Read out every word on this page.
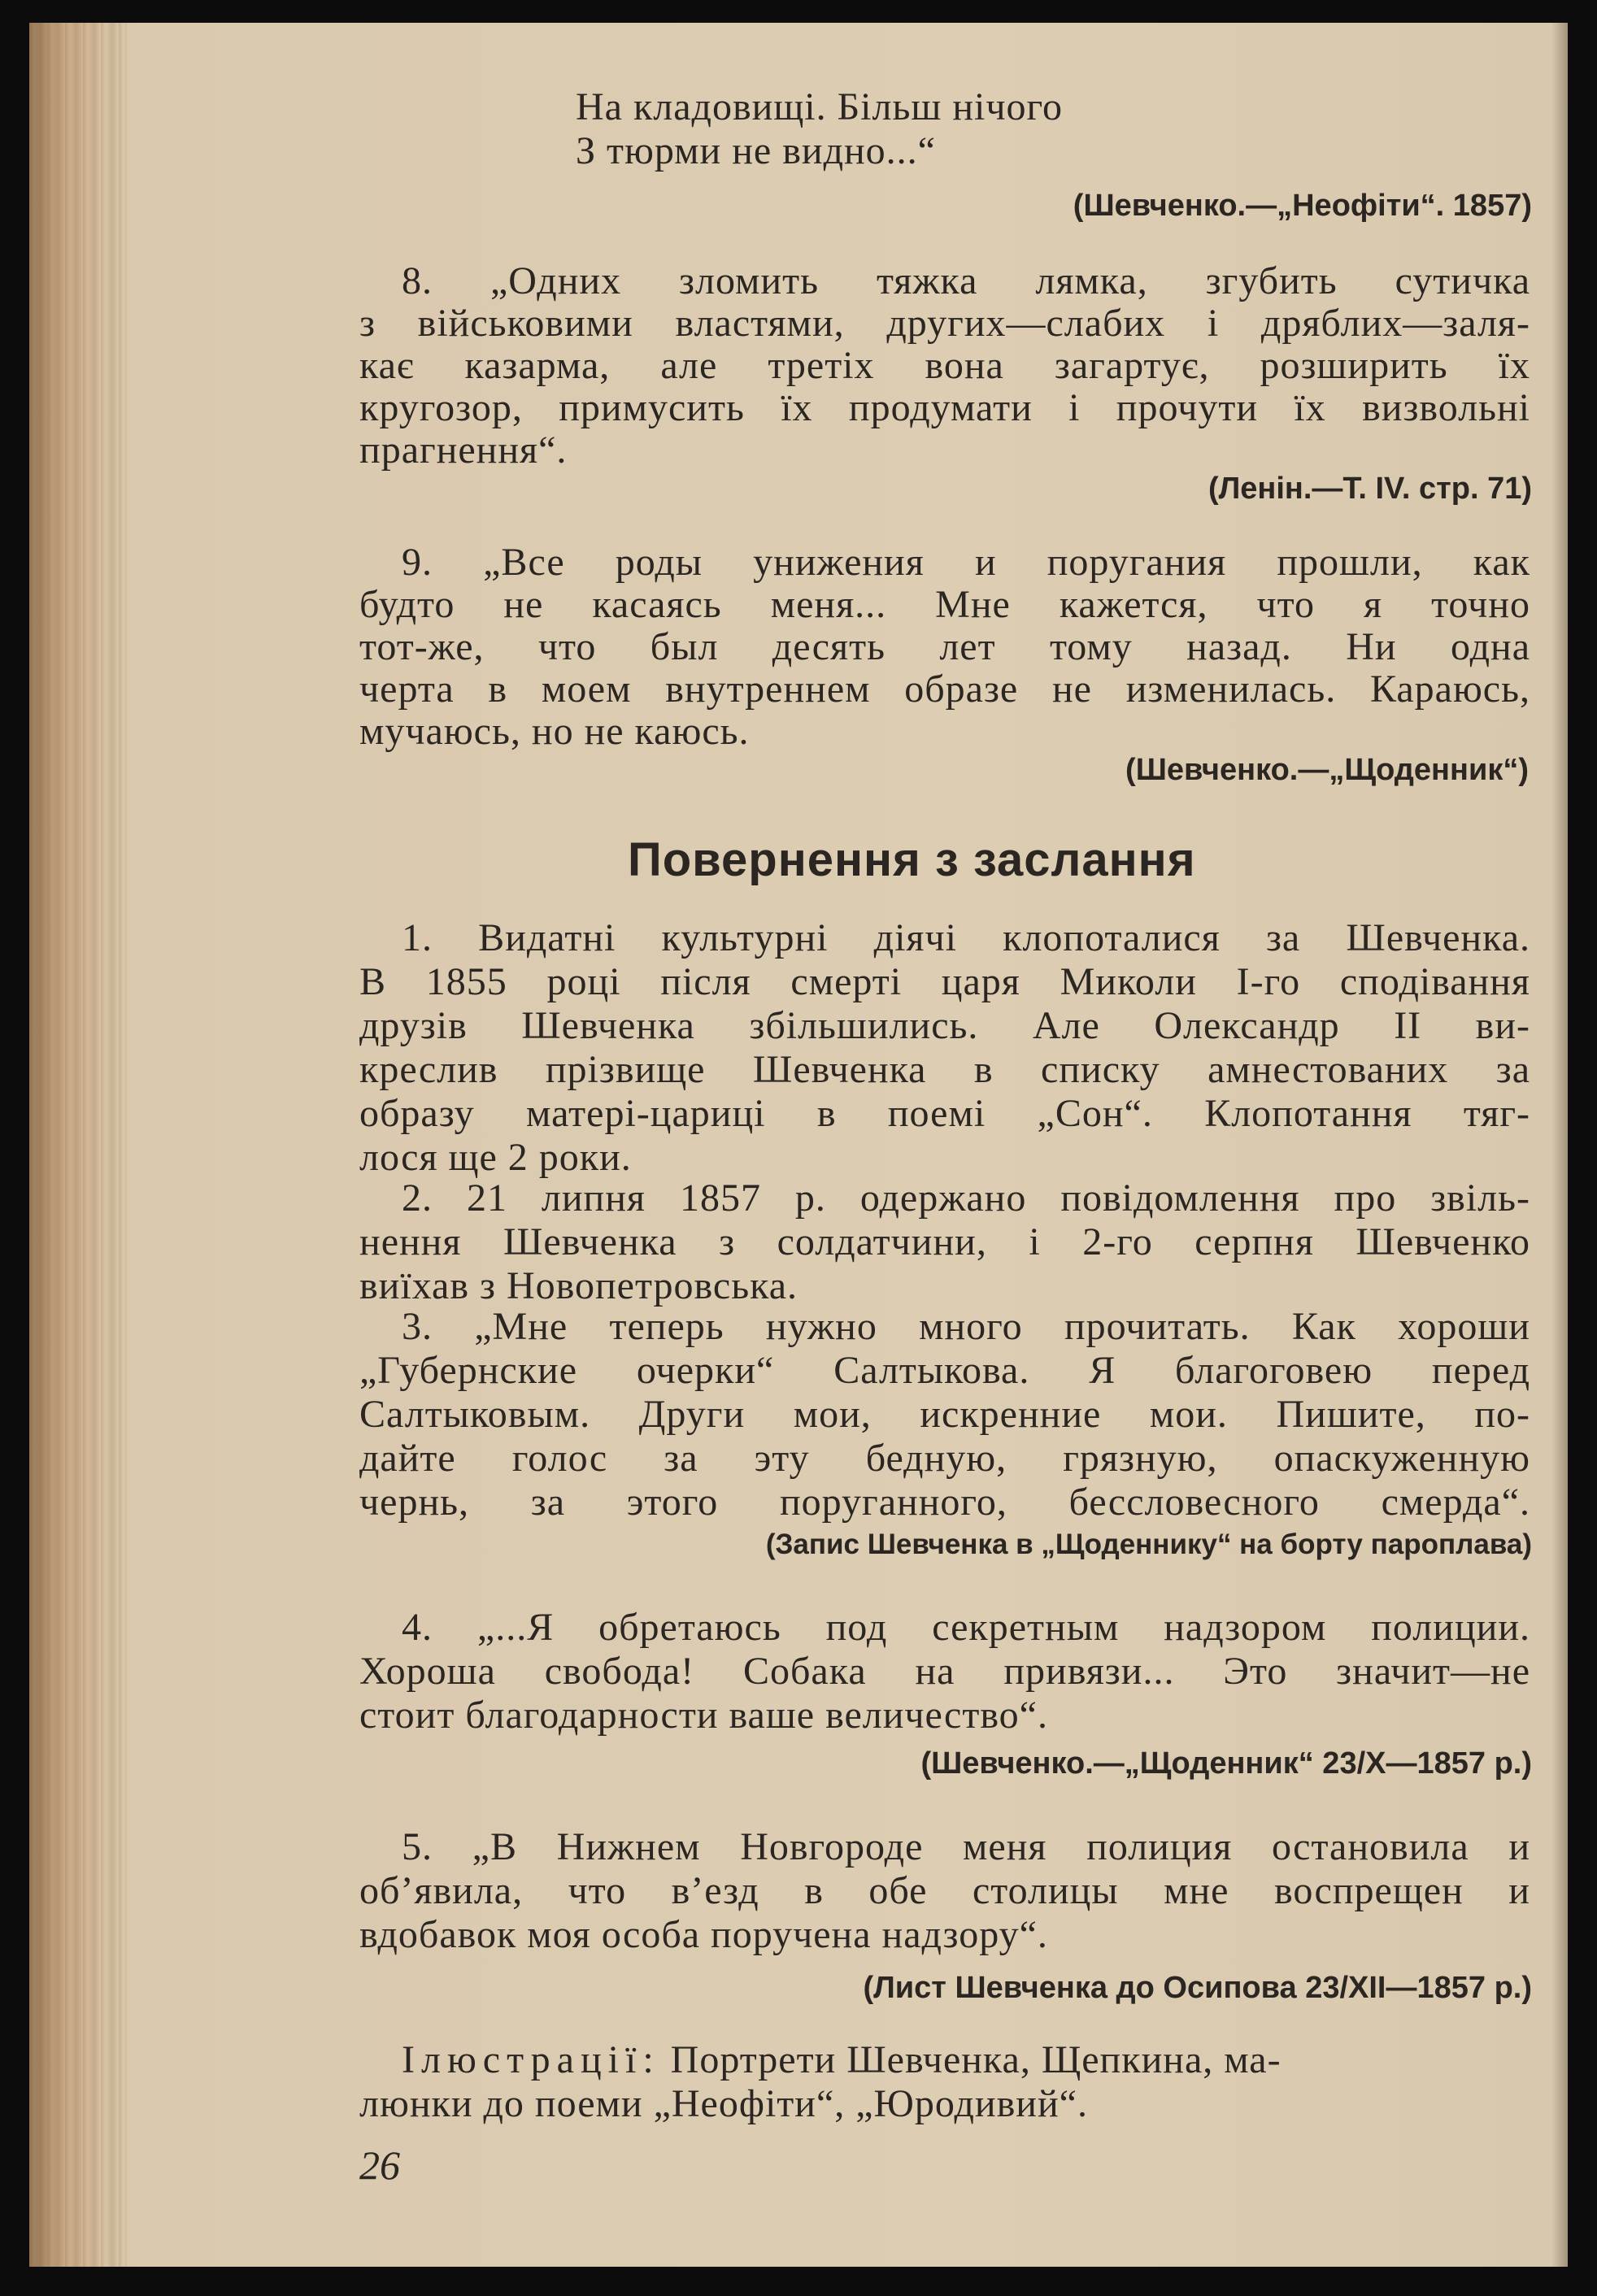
На кладовищі. Більш нічого
З тюрми не видно...“
(Шевченко.—„Неофіти“. 1857)
8. „Одних зломить тяжка лямка, згубить сутичка
з військовими властями, других—слабих і дряблих—заля-
кає казарма, але третіх вона загартує, розширить їх
кругозор, примусить їх продумати і прочути їх визвольні
прагнення“.
(Ленін.—Т. IV. стр. 71)
9. „Все роды унижения и поругания прошли, как
будто не касаясь меня... Мне кажется, что я точно
тот-же, что был десять лет тому назад. Ни одна
черта в моем внутреннем образе не изменилась. Караюсь,
мучаюсь, но не каюсь.
(Шевченко.—„Щоденник“)
Повернення з заслання
1. Видатні культурні діячі клопоталися за Шевченка.
В 1855 році після смерті царя Миколи І-го сподівання
друзів Шевченка збільшились. Але Олександр II ви-
креслив прізвище Шевченка в списку амнестованих за
образу матері-цариці в поемі „Сон“. Клопотання тяг-
лося ще 2 роки.
2. 21 липня 1857 р. одержано повідомлення про звіль-
нення Шевченка з солдатчини, і 2-го серпня Шевченко
виїхав з Новопетровська.
3. „Мне теперь нужно много прочитать. Как хороши
„Губернские очерки“ Салтыкова. Я благоговею перед
Салтыковым. Други мои, искренние мои. Пишите, по-
дайте голос за эту бедную, грязную, опаскуженную
чернь, за этого поруганного, бессловесного смерда“.
(Запис Шевченка в „Щоденнику“ на борту пароплава)
4. „...Я обретаюсь под секретным надзором полиции.
Хороша свобода! Собака на привязи... Это значит—не
стоит благодарности ваше величество“.
(Шевченко.—„Щоденник“ 23/X—1857 р.)
5. „В Нижнем Новгороде меня полиция остановила и
об’явила, что в’езд в обе столицы мне воспрещен и
вдобавок моя особа поручена надзору“.
(Лист Шевченка до Осипова 23/XII—1857 р.)
Ілюстрації: Портрети Шевченка, Щепкина, ма-
люнки до поеми „Неофіти“, „Юродивий“.
26
